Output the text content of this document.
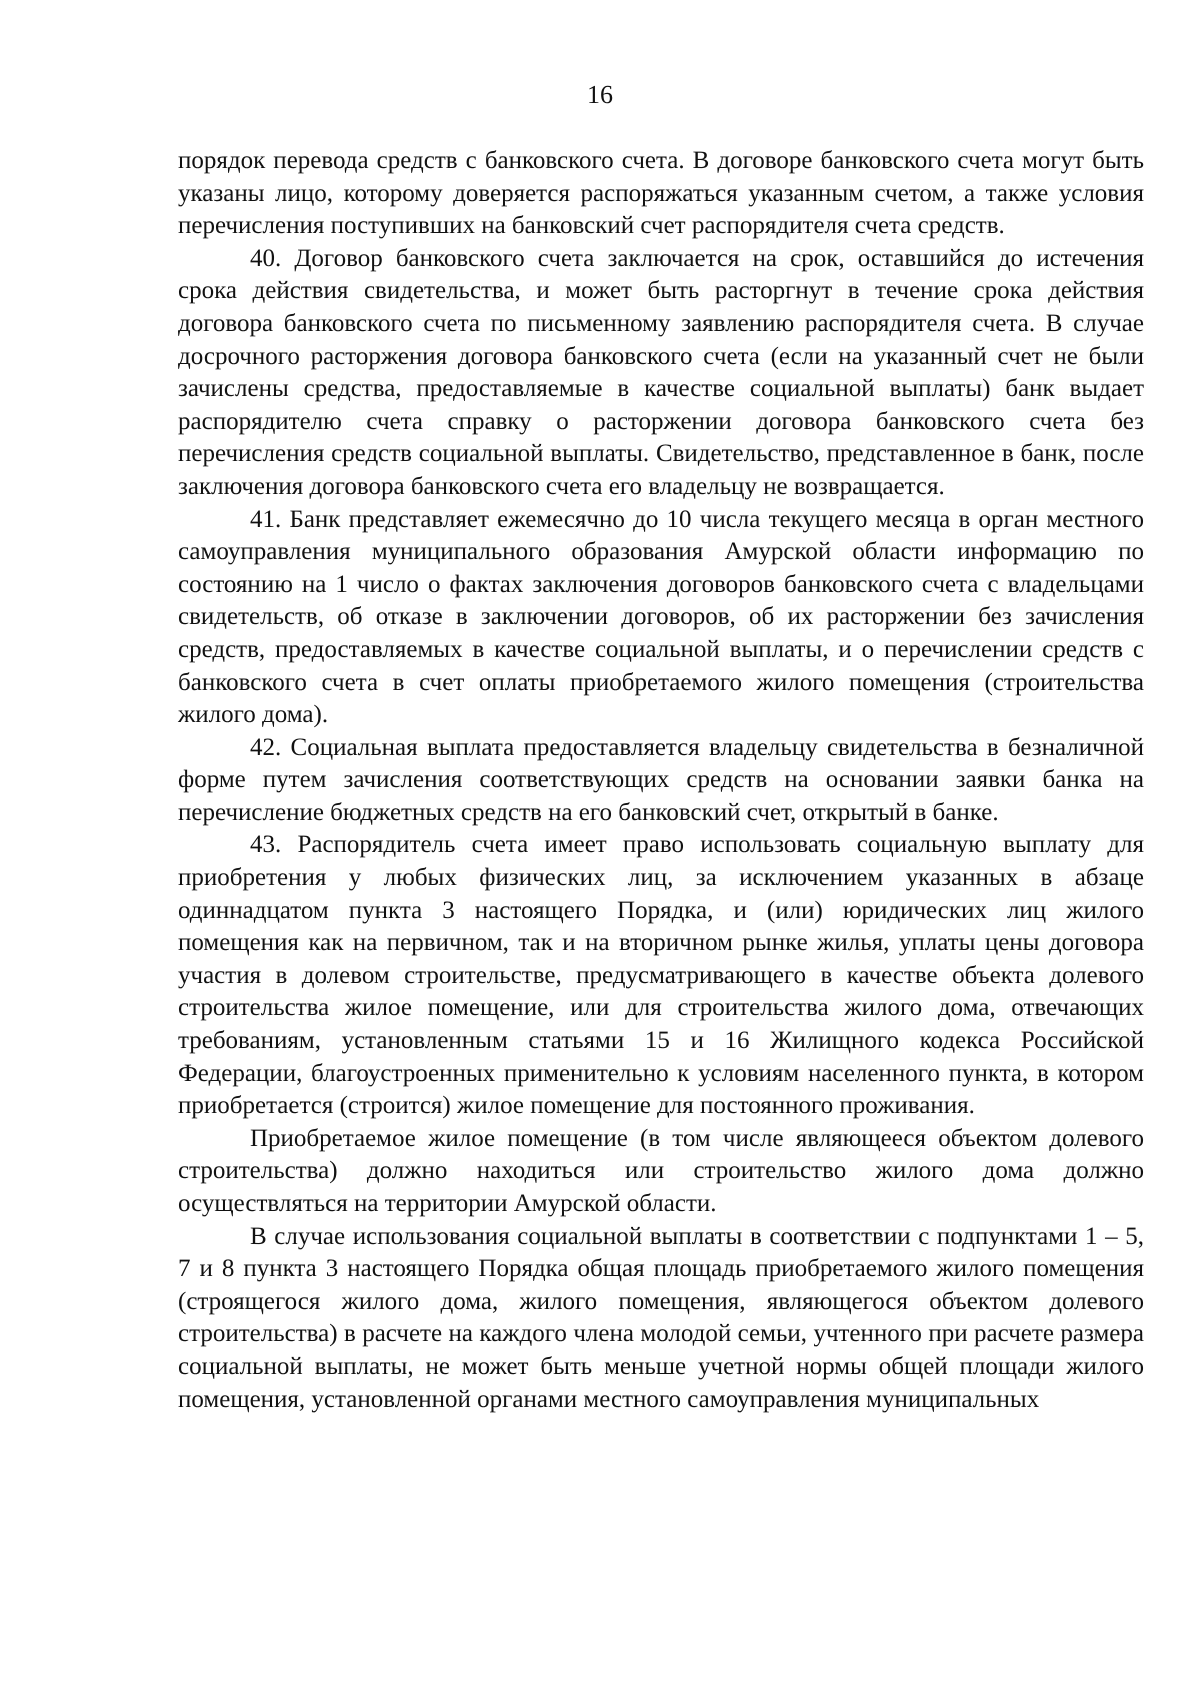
16

порядок перевода средств с банковского счета. В договоре банковского счета могут быть указаны лицо, которому доверяется распоряжаться указанным счетом, а также условия перечисления поступивших на банковский счет распорядителя счета средств.

40. Договор банковского счета заключается на срок, оставшийся до истечения срока действия свидетельства, и может быть расторгнут в течение срока действия договора банковского счета по письменному заявлению распорядителя счета. В случае досрочного расторжения договора банковского счета (если на указанный счет не были зачислены средства, предоставляемые в качестве социальной выплаты) банк выдает распорядителю счета справку о расторжении договора банковского счета без перечисления средств социальной выплаты. Свидетельство, представленное в банк, после заключения договора банковского счета его владельцу не возвращается.

41. Банк представляет ежемесячно до 10 числа текущего месяца в орган местного самоуправления муниципального образования Амурской области информацию по состоянию на 1 число о фактах заключения договоров банковского счета с владельцами свидетельств, об отказе в заключении договоров, об их расторжении без зачисления средств, предоставляемых в качестве социальной выплаты, и о перечислении средств с банковского счета в счет оплаты приобретаемого жилого помещения (строительства жилого дома).

42. Социальная выплата предоставляется владельцу свидетельства в безналичной форме путем зачисления соответствующих средств на основании заявки банка на перечисление бюджетных средств на его банковский счет, открытый в банке.

43. Распорядитель счета имеет право использовать социальную выплату для приобретения у любых физических лиц, за исключением указанных в абзаце одиннадцатом пункта 3 настоящего Порядка, и (или) юридических лиц жилого помещения как на первичном, так и на вторичном рынке жилья, уплаты цены договора участия в долевом строительстве, предусматривающего в качестве объекта долевого строительства жилое помещение, или для строительства жилого дома, отвечающих требованиям, установленным статьями 15 и 16 Жилищного кодекса Российской Федерации, благоустроенных применительно к условиям населенного пункта, в котором приобретается (строится) жилое помещение для постоянного проживания.

Приобретаемое жилое помещение (в том числе являющееся объектом долевого строительства) должно находиться или строительство жилого дома должно осуществляться на территории Амурской области.

В случае использования социальной выплаты в соответствии с подпунктами 1 – 5, 7 и 8 пункта 3 настоящего Порядка общая площадь приобретаемого жилого помещения (строящегося жилого дома, жилого помещения, являющегося объектом долевого строительства) в расчете на каждого члена молодой семьи, учтенного при расчете размера социальной выплаты, не может быть меньше учетной нормы общей площади жилого помещения, установленной органами местного самоуправления муниципальных
